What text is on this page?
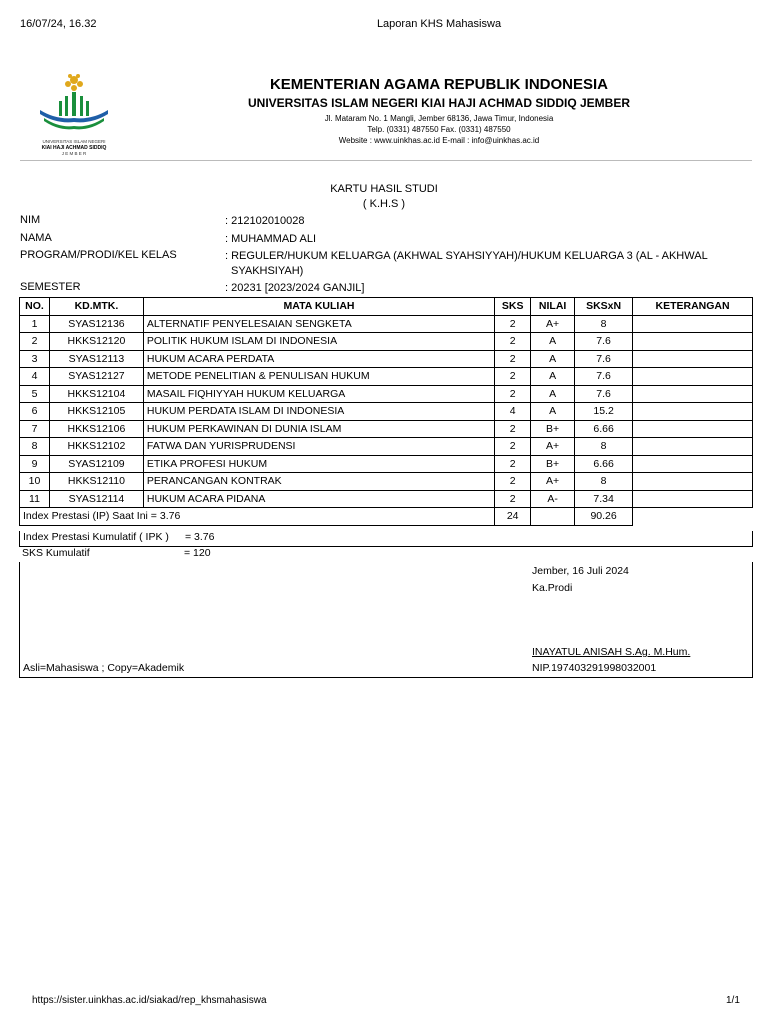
16/07/24, 16.32	Laporan KHS Mahasiswa
UNIVERSITAS ISLAM NEGERI
KIAI HAJI ACHMAD SIDDIQ
J E M B E R
KEMENTERIAN AGAMA REPUBLIK INDONESIA
UNIVERSITAS ISLAM NEGERI KIAI HAJI ACHMAD SIDDIQ JEMBER
Jl. Mataram No. 1 Mangli, Jember 68136, Jawa Timur, Indonesia
Telp. (0331) 487550 Fax. (0331) 487550
Website : www.uinkhas.ac.id E-mail : info@uinkhas.ac.id
KARTU HASIL STUDI
( K.H.S )
NIM	: 212102010028
NAMA	: MUHAMMAD ALI
PROGRAM/PRODI/KEL KELAS	: REGULER/HUKUM KELUARGA (AKHWAL SYAHSIYYAH)/HUKUM KELUARGA 3 (AL - AKHWAL
SYAKHSIYAH)
SEMESTER	: 20231 [2023/2024 GANJIL]
NO.	KD.MTK.	MATA KULIAH	SKS	NILAI	SKSxN	KETERANGAN
1	SYAS12136	ALTERNATIF PENYELESAIAN SENGKETA	2	A+	8	
2	HKKS12120	POLITIK HUKUM ISLAM DI INDONESIA	2	A	7.6	
3	SYAS12113	HUKUM ACARA PERDATA	2	A	7.6	
4	SYAS12127	METODE PENELITIAN & PENULISAN HUKUM	2	A	7.6	
5	HKKS12104	MASAIL FIQHIYYAH HUKUM KELUARGA	2	A	7.6	
6	HKKS12105	HUKUM PERDATA ISLAM DI INDONESIA	4	A	15.2	
7	HKKS12106	HUKUM PERKAWINAN DI DUNIA ISLAM	2	B+	6.66	
8	HKKS12102	FATWA DAN YURISPRUDENSI	2	A+	8	
9	SYAS12109	ETIKA PROFESI HUKUM	2	B+	6.66	
10	HKKS12110	PERANCANGAN KONTRAK	2	A+	8	
11	SYAS12114	HUKUM ACARA PIDANA	2	A-	7.34	
Index Prestasi (IP) Saat Ini = 3.76			24		90.26	
Index Prestasi Kumulatif ( IPK ) = 3.76
SKS Kumulatif	= 120
Jember, 16 Juli 2024
Ka.Prodi
INAYATUL ANISAH S.Ag. M.Hum.
Asli=Mahasiswa ; Copy=Akademik	NIP.197403291998032001
https://sister.uinkhas.ac.id/siakad/rep_khsmahasiswa	1/1
